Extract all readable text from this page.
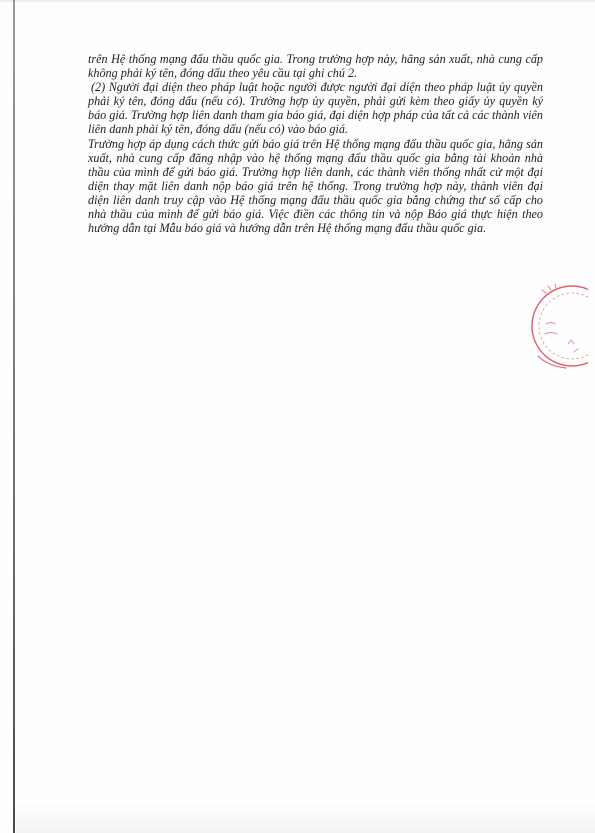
trên Hệ thống mạng đấu thầu quốc gia. Trong trường hợp này, hãng sản xuất, nhà cung cấp không phải ký tên, đóng dấu theo yêu cầu tại ghi chú 2.

(2) Người đại diện theo pháp luật hoặc người được người đại diện theo pháp luật ủy quyền phải ký tên, đóng dấu (nếu có). Trường hợp ủy quyền, phải gửi kèm theo giấy ủy quyền ký báo giá. Trường hợp liên danh tham gia báo giá, đại diện hợp pháp của tất cả các thành viên liên danh phải ký tên, đóng dấu (nếu có) vào báo giá.

Trường hợp áp dụng cách thức gửi báo giá trên Hệ thống mạng đấu thầu quốc gia, hãng sản xuất, nhà cung cấp đăng nhập vào hệ thống mạng đấu thầu quốc gia bằng tài khoản nhà thầu của mình để gửi báo giá. Trường hợp liên danh, các thành viên thống nhất cử một đại diện thay mặt liên danh nộp báo giá trên hệ thống. Trong trường hợp này, thành viên đại diện liên danh truy cập vào Hệ thống mạng đấu thầu quốc gia bằng chứng thư số cấp cho nhà thầu của mình để gửi báo giá. Việc điền các thông tin và nộp Báo giá thực hiện theo hướng dẫn tại Mẫu báo giá và hướng dẫn trên Hệ thống mạng đấu thầu quốc gia.
